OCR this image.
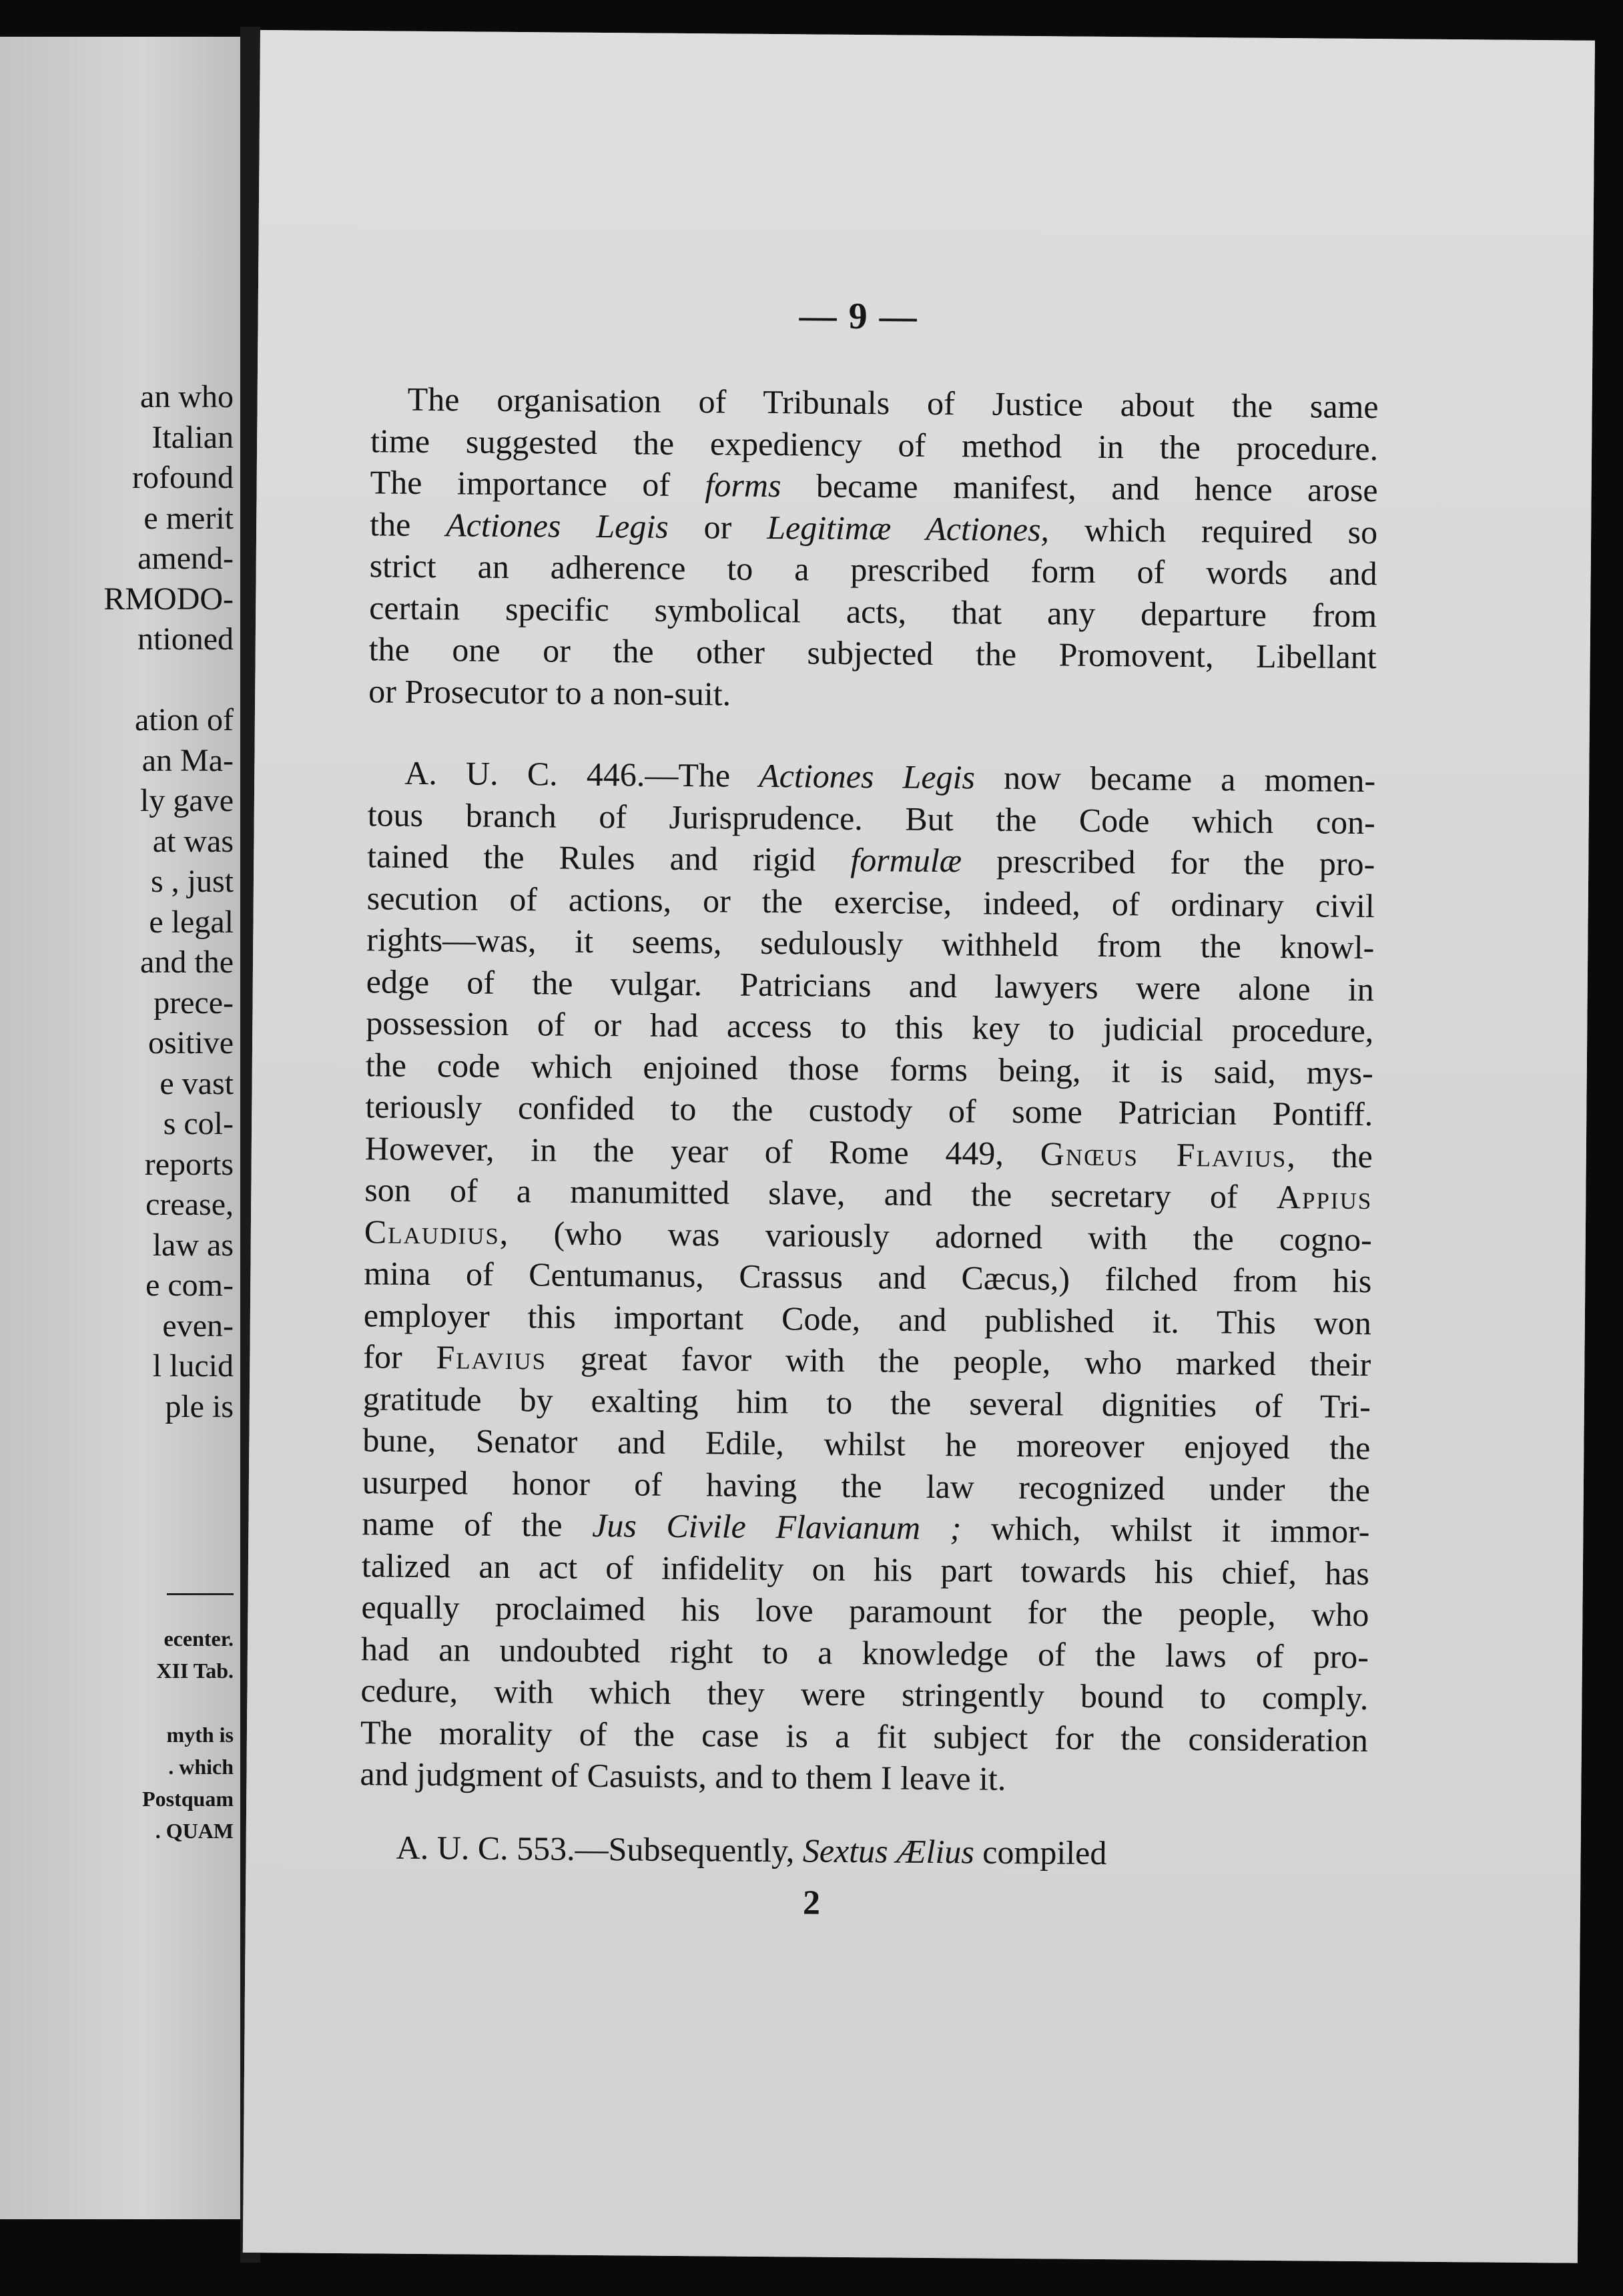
an who
Italian
rofound
e merit
amend-
RMODO-
ntioned
ation of
an Ma-
ly gave
at was
s , just
e legal
and the
prece-
ositive
e vast
s col-
reports
crease,
law as
e com-
even-
l lucid
ple is
ecenter.
XII Tab.
myth is
. which
Postquam
. QUAM
— 9 —
The organisation of Tribunals of Justice about the same
time suggested the expediency of method in the procedure.
The importance of forms became manifest, and hence arose
the Actiones Legis or Legitimæ Actiones, which required so
strict an adherence to a prescribed form of words and
certain specific symbolical acts, that any departure from
the one or the other subjected the Promovent, Libellant
or Prosecutor to a non-suit.
A. U. C. 446.—The Actiones Legis now became a momen-
tous branch of Jurisprudence. But the Code which con-
tained the Rules and rigid formulæ prescribed for the pro-
secution of actions, or the exercise, indeed, of ordinary civil
rights—was, it seems, sedulously withheld from the knowl-
edge of the vulgar. Patricians and lawyers were alone in
possession of or had access to this key to judicial procedure,
the code which enjoined those forms being, it is said, mys-
teriously confided to the custody of some Patrician Pontiff.
However, in the year of Rome 449, Gnœus Flavius, the
son of a manumitted slave, and the secretary of Appius
Claudius, (who was variously adorned with the cogno-
mina of Centumanus, Crassus and Cæcus,) filched from his
employer this important Code, and published it. This won
for Flavius great favor with the people, who marked their
gratitude by exalting him to the several dignities of Tri-
bune, Senator and Edile, whilst he moreover enjoyed the
usurped honor of having the law recognized under the
name of the Jus Civile Flavianum ; which, whilst it immor-
talized an act of infidelity on his part towards his chief, has
equally proclaimed his love paramount for the people, who
had an undoubted right to a knowledge of the laws of pro-
cedure, with which they were stringently bound to comply.
The morality of the case is a fit subject for the consideration
and judgment of Casuists, and to them I leave it.
A. U. C. 553.—Subsequently, Sextus Ælius compiled
2
